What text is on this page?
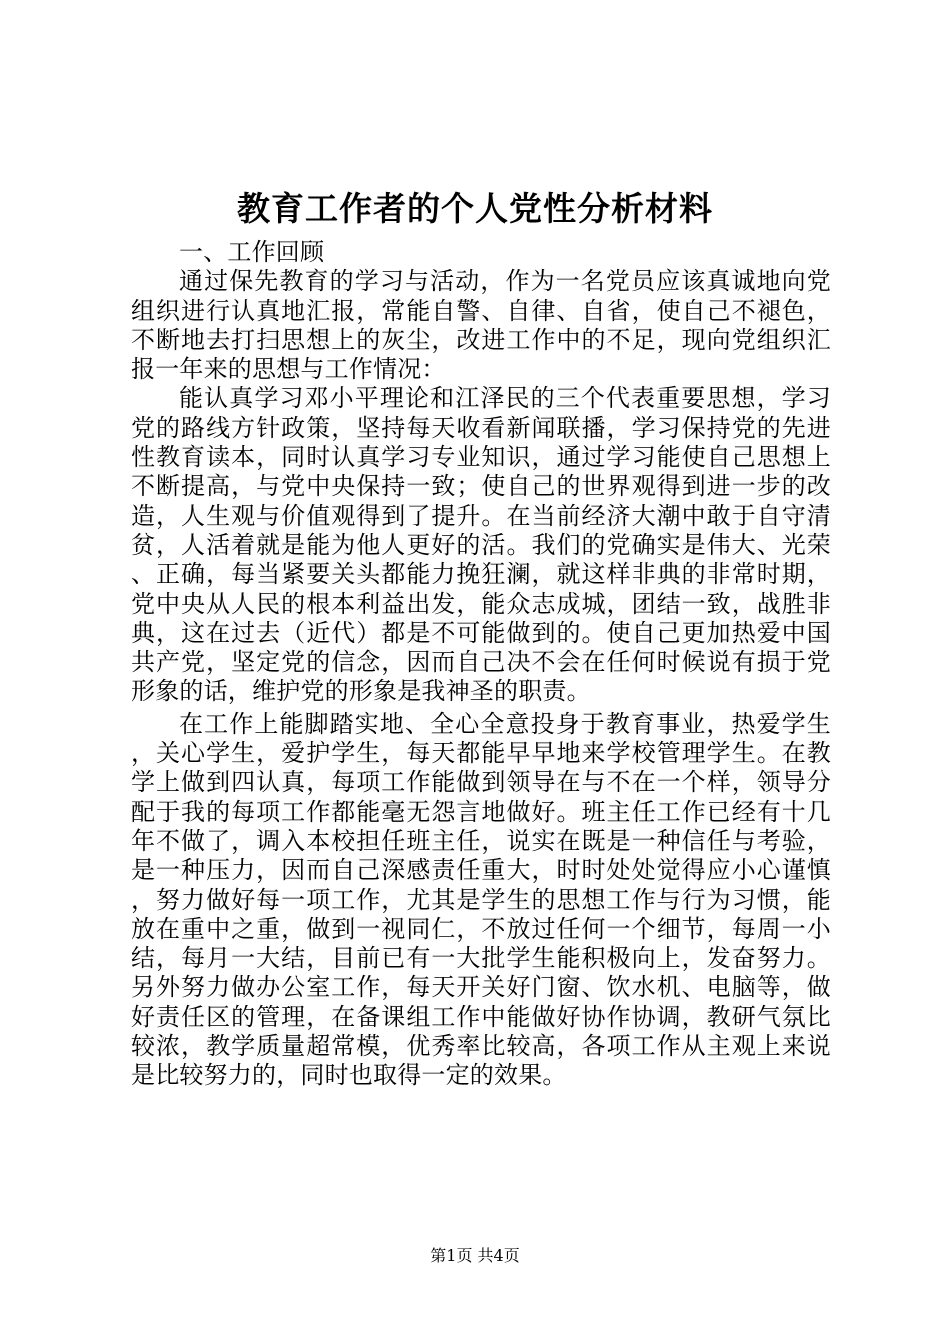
教育工作者的个人党性分析材料

一、工作回顾

通过保先教育的学习与活动，作为一名党员应该真诚地向党组织进行认真地汇报，常能自警、自律、自省，使自己不褪色，不断地去打扫思想上的灰尘，改进工作中的不足，现向党组织汇报一年来的思想与工作情况：

能认真学习邓小平理论和江泽民的三个代表重要思想，学习党的路线方针政策，坚持每天收看新闻联播，学习保持党的先进性教育读本，同时认真学习专业知识，通过学习能使自己思想上不断提高，与党中央保持一致；使自己的世界观得到进一步的改造，人生观与价值观得到了提升。在当前经济大潮中敢于自守清贫，人活着就是能为他人更好的活。我们的党确实是伟大、光荣、正确，每当紧要关头都能力挽狂澜，就这样非典的非常时期，党中央从人民的根本利益出发，能众志成城，团结一致，战胜非典，这在过去（近代）都是不可能做到的。使自己更加热爱中国共产党，坚定党的信念，因而自己决不会在任何时候说有损于党形象的话，维护党的形象是我神圣的职责。

在工作上能脚踏实地、全心全意投身于教育事业，热爱学生，关心学生，爱护学生，每天都能早早地来学校管理学生。在教学上做到四认真，每项工作能做到领导在与不在一个样，领导分配于我的每项工作都能毫无怨言地做好。班主任工作已经有十几年不做了，调入本校担任班主任，说实在既是一种信任与考验，是一种压力，因而自己深感责任重大，时时处处觉得应小心谨慎，努力做好每一项工作，尤其是学生的思想工作与行为习惯，能放在重中之重，做到一视同仁，不放过任何一个细节，每周一小结，每月一大结，目前已有一大批学生能积极向上，发奋努力。另外努力做办公室工作，每天开关好门窗、饮水机、电脑等，做好责任区的管理，在备课组工作中能做好协作协调，教研气氛比较浓，教学质量超常模，优秀率比较高，各项工作从主观上来说是比较努力的，同时也取得一定的效果。

第1页 共4页
